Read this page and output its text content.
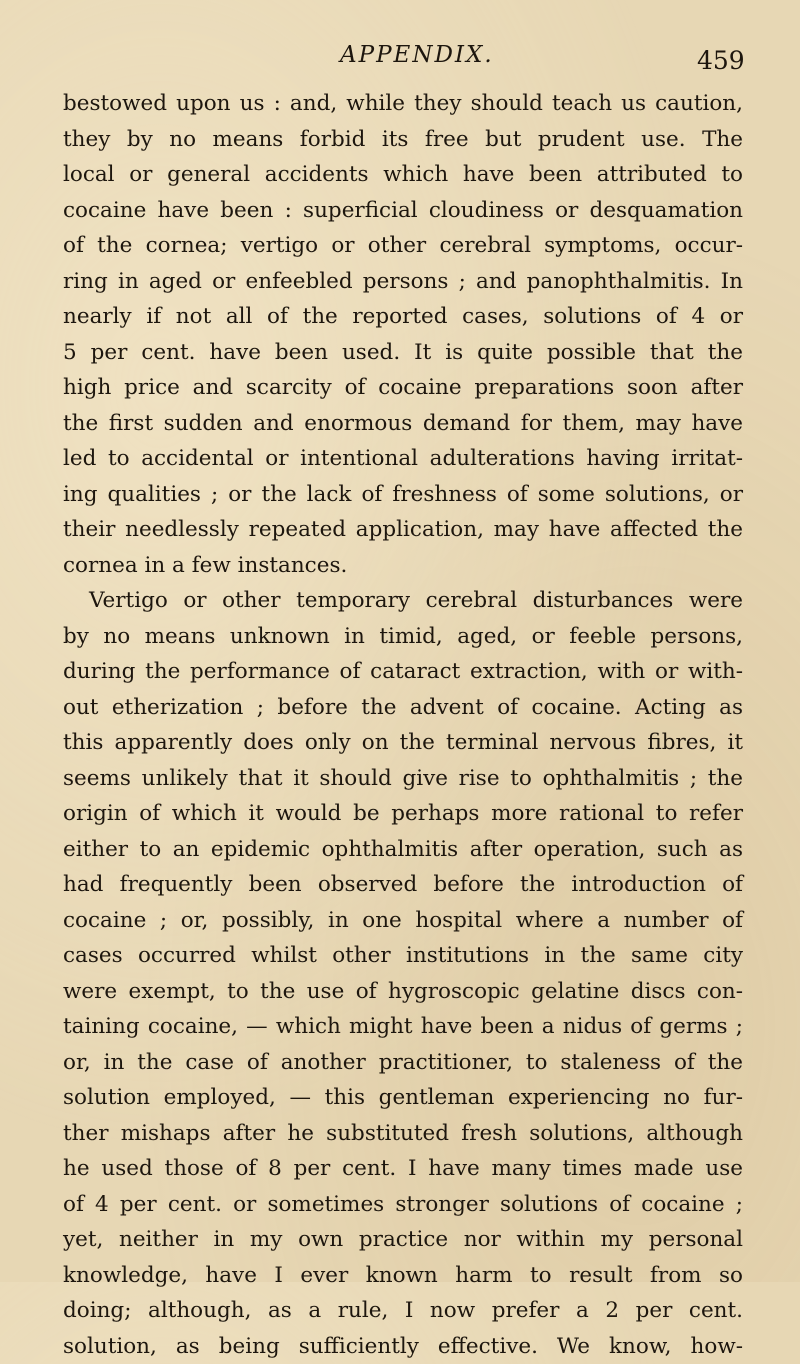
APPENDIX.	459
bestowed upon us : and, while they should teach us caution,
they by no means forbid its free but prudent use. The
local or general accidents which have been attributed to
cocaine have been : superficial cloudiness or desquamation
of the cornea; vertigo or other cerebral symptoms, occur-
ring in aged or enfeebled persons ; and panophthalmitis. In
nearly if not all of the reported cases, solutions of 4 or
5 per cent. have been used. It is quite possible that the
high price and scarcity of cocaine preparations soon after
the first sudden and enormous demand for them, may have
led to accidental or intentional adulterations having irritat-
ing qualities ; or the lack of freshness of some solutions, or
their needlessly repeated application, may have affected the
cornea in a few instances.
Vertigo or other temporary cerebral disturbances were
by no means unknown in timid, aged, or feeble persons,
during the performance of cataract extraction, with or with-
out etherization ; before the advent of cocaine. Acting as
this apparently does only on the terminal nervous fibres, it
seems unlikely that it should give rise to ophthalmitis ; the
origin of which it would be perhaps more rational to refer
either to an epidemic ophthalmitis after operation, such as
had frequently been observed before the introduction of
cocaine ; or, possibly, in one hospital where a number of
cases occurred whilst other institutions in the same city
were exempt, to the use of hygroscopic gelatine discs con-
taining cocaine, — which might have been a nidus of germs ;
or, in the case of another practitioner, to staleness of the
solution employed, — this gentleman experiencing no fur-
ther mishaps after he substituted fresh solutions, although
he used those of 8 per cent. I have many times made use
of 4 per cent. or sometimes stronger solutions of cocaine ;
yet, neither in my own practice nor within my personal
knowledge, have I ever known harm to result from so
doing; although, as a rule, I now prefer a 2 per cent.
solution, as being sufficiently effective. We know, how-
